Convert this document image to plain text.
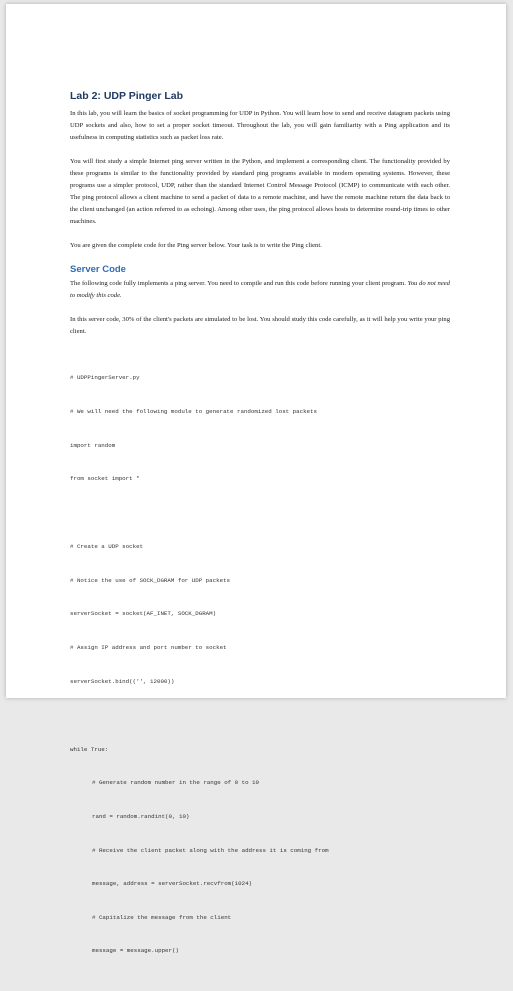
Lab 2: UDP Pinger Lab

In this lab, you will learn the basics of socket programming for UDP in Python. You will learn how to send and receive datagram packets using UDP sockets and also, how to set a proper socket timeout. Throughout the lab, you will gain familiarity with a Ping application and its usefulness in computing statistics such as packet loss rate.

You will first study a simple Internet ping server written in the Python, and implement a corresponding client. The functionality provided by these programs is similar to the functionality provided by standard ping programs available in modern operating systems. However, these programs use a simpler protocol, UDP, rather than the standard Internet Control Message Protocol (ICMP) to communicate with each other. The ping protocol allows a client machine to send a packet of data to a remote machine, and have the remote machine return the data back to the client unchanged (an action referred to as echoing). Among other uses, the ping protocol allows hosts to determine round-trip times to other machines.

You are given the complete code for the Ping server below. Your task is to write the Ping client.

Server Code

The following code fully implements a ping server. You need to compile and run this code before running your client program. You do not need to modify this code.

In this server code, 30% of the client's packets are simulated to be lost. You should study this code carefully, as it will help you write your ping client.

# UDPPingerServer.py

# We will need the following module to generate randomized lost packets

import random

from socket import *

# Create a UDP socket

# Notice the use of SOCK_DGRAM for UDP packets

serverSocket = socket(AF_INET, SOCK_DGRAM)

# Assign IP address and port number to socket

serverSocket.bind(('', 12000))

while True:

# Generate random number in the range of 0 to 10

rand = random.randint(0, 10)

# Receive the client packet along with the address it is coming from

message, address = serverSocket.recvfrom(1024)

# Capitalize the message from the client

message = message.upper()
